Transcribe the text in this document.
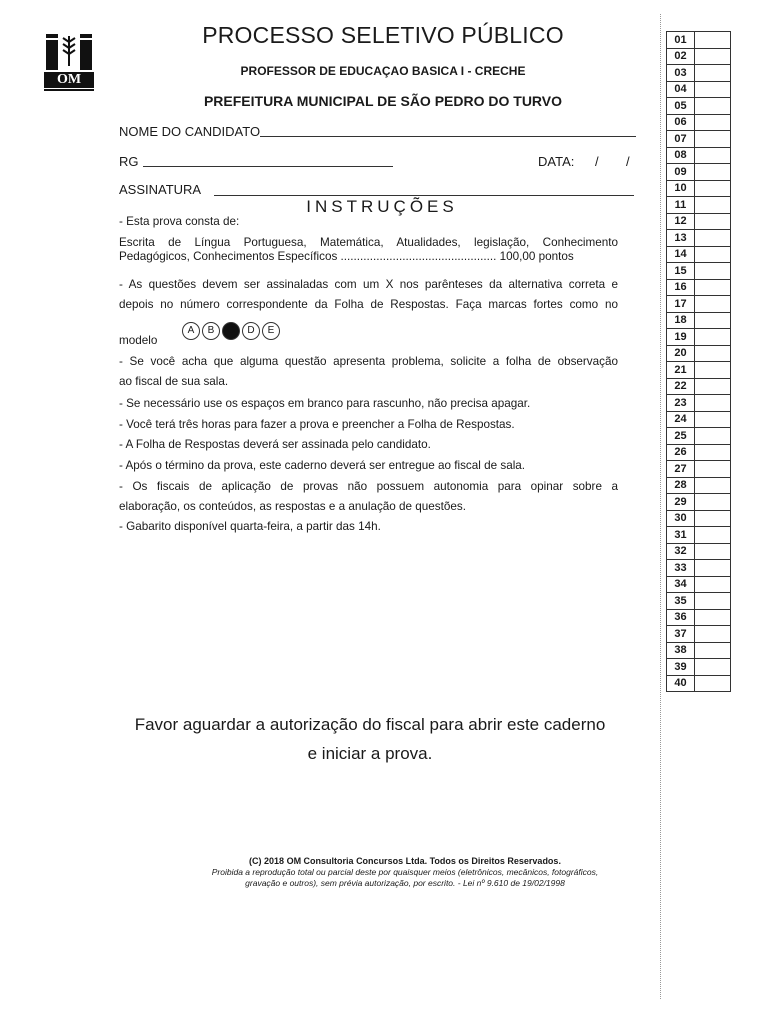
OM
PROCESSO SELETIVO PÚBLICO
PROFESSOR DE EDUCAÇAO BASICA I - CRECHE
PREFEITURA MUNICIPAL DE SÃO PEDRO DO TURVO
NOME DO CANDIDATO
RG	DATA: / /
ASSINATURA
INSTRUÇÕES
- Esta prova consta de:
Escrita de Língua Portuguesa, Matemática, Atualidades, legislação, Conhecimento
Pedagógicos, Conhecimentos Específicos ................................................ 100,00 pontos
- As questões devem ser assinaladas com um X nos parênteses da alternativa correta e
depois no número correspondente da Folha de Respostas. Faça marcas fortes como no
modelo
A B C D E
- Se você acha que alguma questão apresenta problema, solicite a folha de observação
ao fiscal de sua sala.
- Se necessário use os espaços em branco para rascunho, não precisa apagar.
- Você terá três horas para fazer a prova e preencher a Folha de Respostas.
- A Folha de Respostas deverá ser assinada pelo candidato.
- Após o término da prova, este caderno deverá ser entregue ao fiscal de sala.
- Os fiscais de aplicação de provas não possuem autonomia para opinar sobre a
elaboração, os conteúdos, as respostas e a anulação de questões.
- Gabarito disponível quarta-feira, a partir das 14h.
Favor aguardar a autorização do fiscal para abrir este caderno
e iniciar a prova.
(C) 2018 OM Consultoria Concursos Ltda. Todos os Direitos Reservados.
Proibida a reprodução total ou parcial deste por quaisquer meios (eletrônicos, mecânicos, fotográficos,
gravação e outros), sem prévia autorização, por escrito. - Lei nº 9.610 de 19/02/1998
01	
02	
03	
04	
05	
06	
07	
08	
09	
10	
11	
12	
13	
14	
15	
16	
17	
18	
19	
20	
21	
22	
23	
24	
25	
26	
27	
28	
29	
30	
31	
32	
33	
34	
35	
36	
37	
38	
39	
40	
